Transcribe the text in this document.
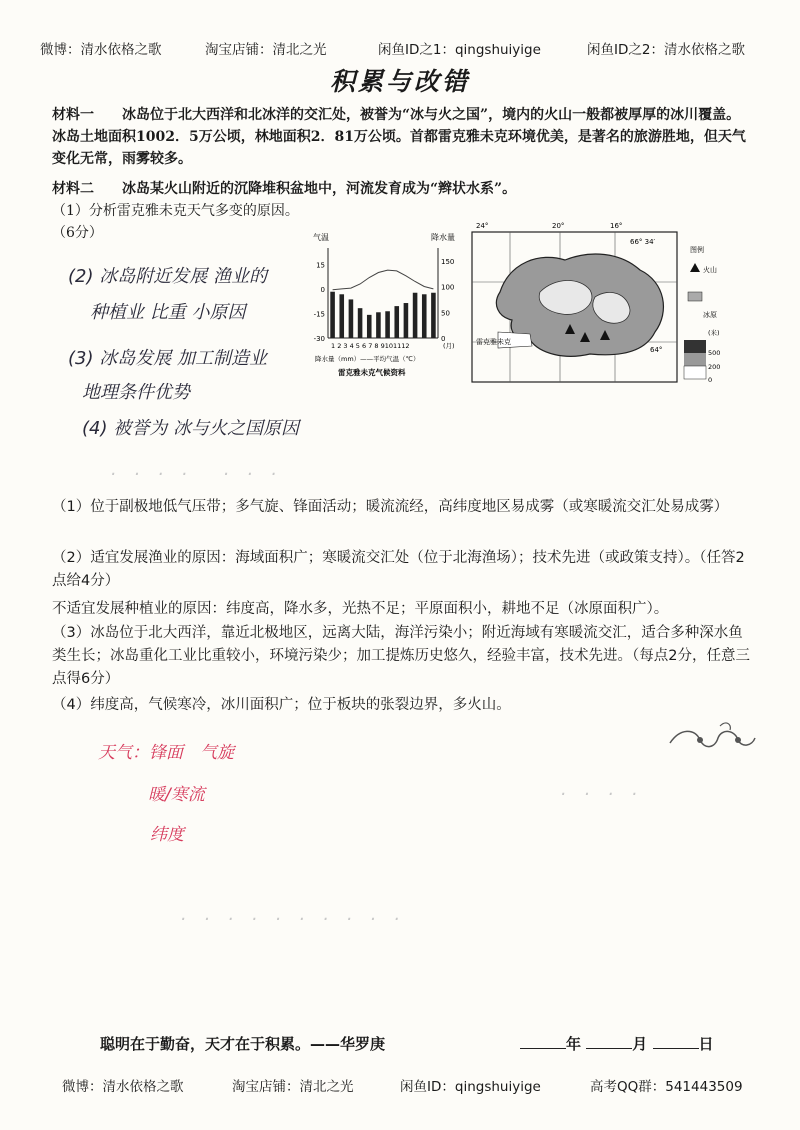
微博：清水依格之歌	淘宝店铺：清北之光	闲鱼ID之1：qingshuiyige	闲鱼ID之2：清水依格之歌
积累与改错
材料一　　冰岛位于北大西洋和北冰洋的交汇处，被誉为“冰与火之国”，境内的火山一般都被厚厚的冰川覆盖。冰岛土地面积1002．5万公顷，林地面积2．81万公顷。首都雷克雅未克环境优美，是著名的旅游胜地，但天气变化无常，雨雾较多。
材料二　　冰岛某火山附近的沉降堆积盆地中，河流发育成为“辫状水系”。
（1）分析雷克雅未克天气多变的原因。（6分）
(2) 冰岛附近发展 渔业的
种植业 比重 小原因
(3) 冰岛发展 加工制造业
地理条件优势
(4) 被誉为 冰与火之国原因
·　·　·　·　　·　·　·
气温	降水量
15
0
-15
-30
150
100
50
0
1 2 3 4 5 6 7 8 9101112	(月)
降水量（mm）——平均气温（℃）
雷克雅未克气候资料
24°	20°	16°
66° 34′
64°
雷克雅未克
图例
火山
冰原
(米)
500
200
0
（1）位于副极地低气压带；多气旋、锋面活动；暖流流经，高纬度地区易成雾（或寒暖流交汇处易成雾）
（2）适宜发展渔业的原因：海域面积广；寒暖流交汇处（位于北海渔场）；技术先进（或政策支持）。（任答2点给4分）
不适宜发展种植业的原因：纬度高，降水多，光热不足；平原面积小，耕地不足（冰原面积广）。
（3）冰岛位于北大西洋，靠近北极地区，远离大陆，海洋污染小；附近海域有寒暖流交汇，适合多种深水鱼类生长；冰岛重化工业比重较小，环境污染少；加工提炼历史悠久，经验丰富，技术先进。（每点2分，任意三点得6分）
（4）纬度高，气候寒冷，冰川面积广；位于板块的张裂边界，多火山。
天气：锋面　气旋
暖/寒流
纬度
·　·　·　·
·　·　·　·　·　·　·　·　·　·
聪明在于勤奋，天才在于积累。——华罗庚	年	月	日
微博：清水依格之歌	淘宝店铺：清北之光	闲鱼ID：qingshuiyige	高考QQ群：541443509
